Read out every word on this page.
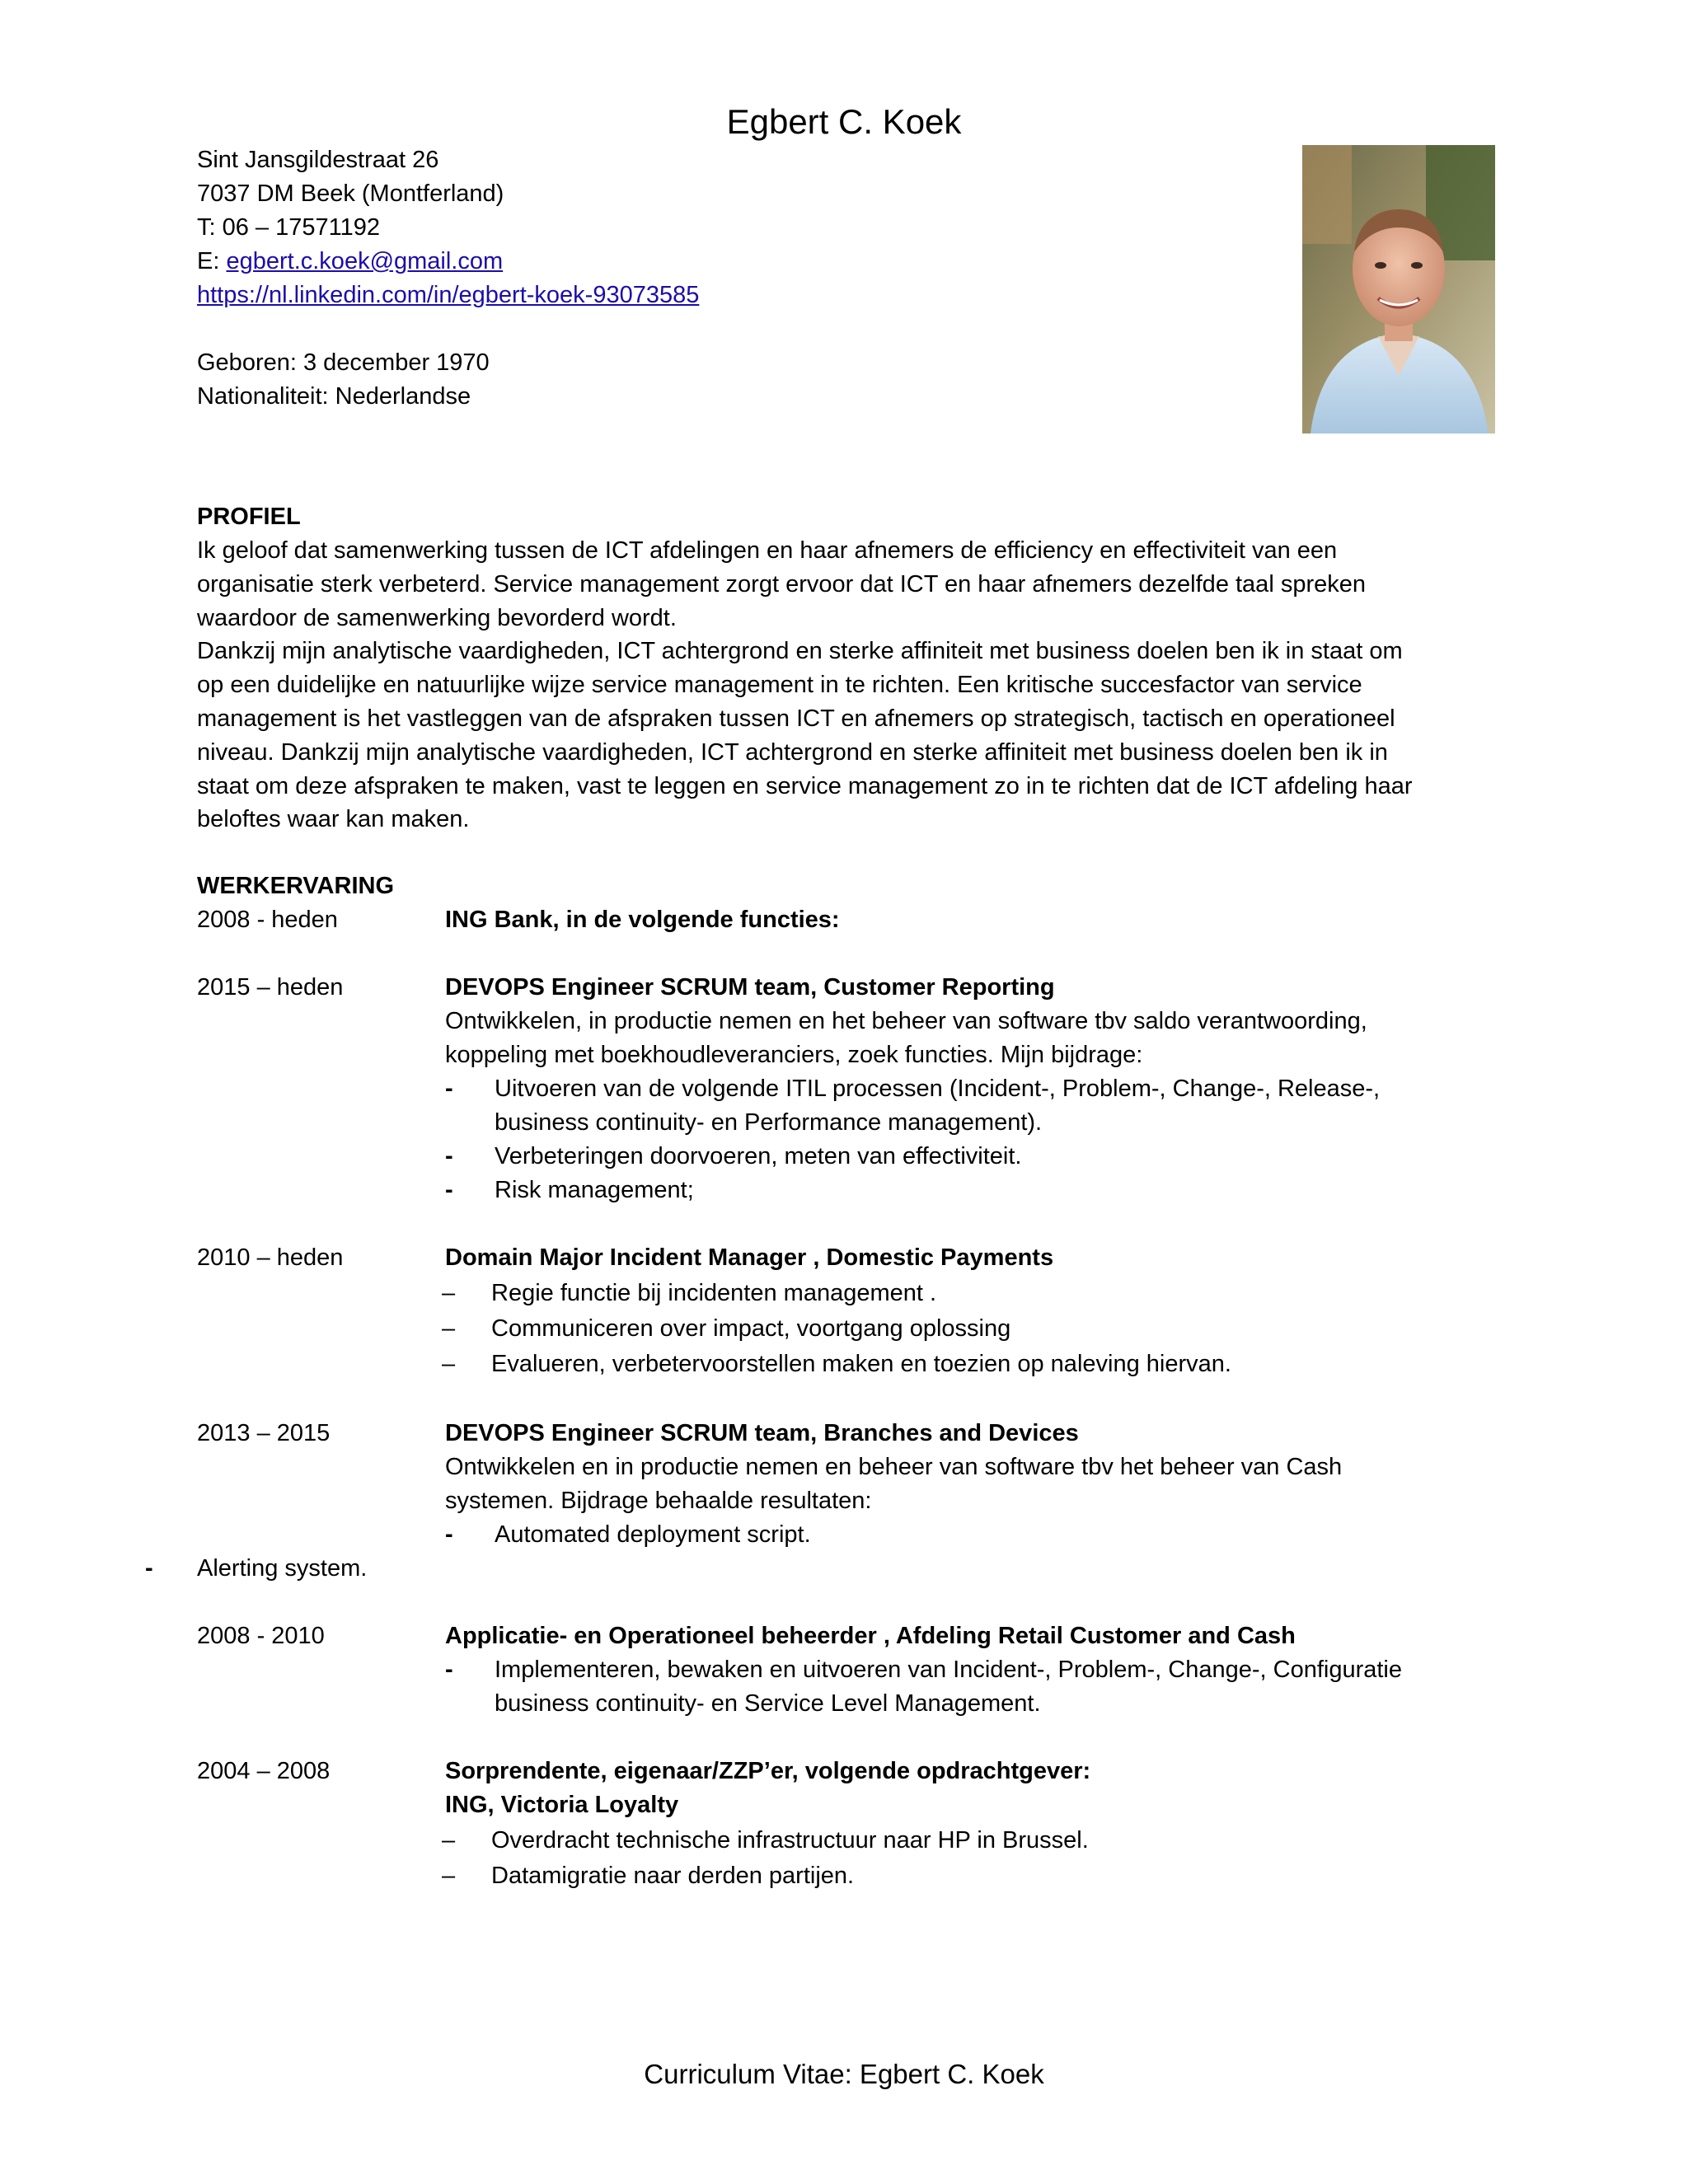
Egbert C. Koek
Sint Jansgildestraat 26
7037 DM Beek (Montferland)
T: 06 – 17571192
E: egbert.c.koek@gmail.com
https://nl.linkedin.com/in/egbert-koek-93073585
Geboren: 3 december 1970
Nationaliteit: Nederlandse
PROFIEL

Ik geloof dat samenwerking tussen de ICT afdelingen en haar afnemers de efficiency en effectiviteit van een

organisatie sterk verbeterd. Service management zorgt ervoor dat ICT en haar afnemers dezelfde taal spreken

waardoor de samenwerking bevorderd wordt.

Dankzij mijn analytische vaardigheden, ICT achtergrond en sterke affiniteit met business doelen ben ik in staat om

op een duidelijke en natuurlijke wijze service management in te richten. Een kritische succesfactor van service

management is het vastleggen van de afspraken tussen ICT en afnemers op strategisch, tactisch en operationeel

niveau. Dankzij mijn analytische vaardigheden, ICT achtergrond en sterke affiniteit met business doelen ben ik in

staat om deze afspraken te maken, vast te leggen en service management zo in te richten dat de ICT afdeling haar

beloftes waar kan maken.

WERKERVARING
2008 - heden	ING Bank, in de volgende functies:
2015 – heden	DEVOPS Engineer SCRUM team, Customer Reporting
Ontwikkelen, in productie nemen en het beheer van software tbv saldo verantwoording,
koppeling met boekhoudleveranciers, zoek functies. Mijn bijdrage:
- Uitvoeren van de volgende ITIL processen (Incident-, Problem-, Change-, Release-,
business continuity- en Performance management).
- Verbeteringen doorvoeren, meten van effectiviteit.
- Risk management;
2010 – heden	Domain Major Incident Manager , Domestic Payments
– Regie functie bij incidenten management .
– Communiceren over impact, voortgang oplossing
– Evalueren, verbetervoorstellen maken en toezien op naleving hiervan.
2013 – 2015	DEVOPS Engineer SCRUM team, Branches and Devices
Ontwikkelen en in productie nemen en beheer van software tbv het beheer van Cash
systemen. Bijdrage behaalde resultaten:
- Automated deployment script.
- Alerting system.
2008 - 2010	Applicatie- en Operationeel beheerder , Afdeling Retail Customer and Cash
- Implementeren, bewaken en uitvoeren van Incident-, Problem-, Change-, Configuratie
business continuity- en Service Level Management.
2004 – 2008	Sorprendente, eigenaar/ZZP’er, volgende opdrachtgever:
ING, Victoria Loyalty
– Overdracht technische infrastructuur naar HP in Brussel.
– Datamigratie naar derden partijen.
Curriculum Vitae: Egbert C. Koek
